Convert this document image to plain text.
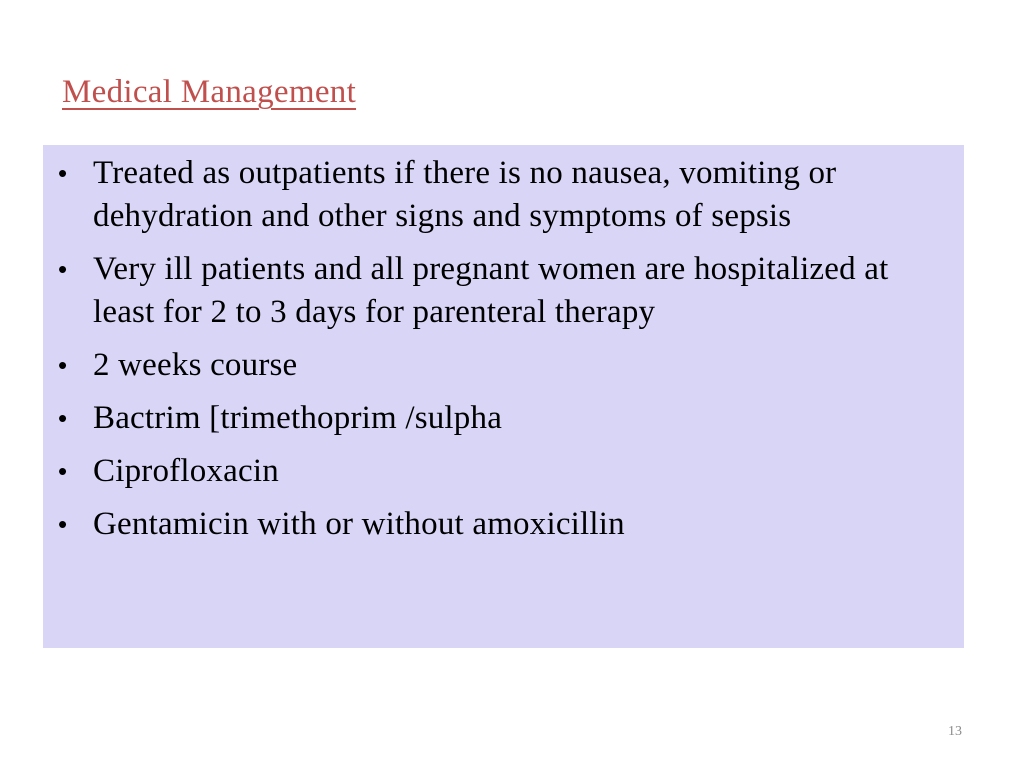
Medical Management
• Treated as outpatients if there is no nausea, vomiting or dehydration and other signs and symptoms of sepsis
• Very ill patients and all pregnant women are hospitalized at least for 2 to 3 days for parenteral therapy
• 2 weeks course
• Bactrim [trimethoprim /sulpha
• Ciprofloxacin
• Gentamicin with or without amoxicillin
13
